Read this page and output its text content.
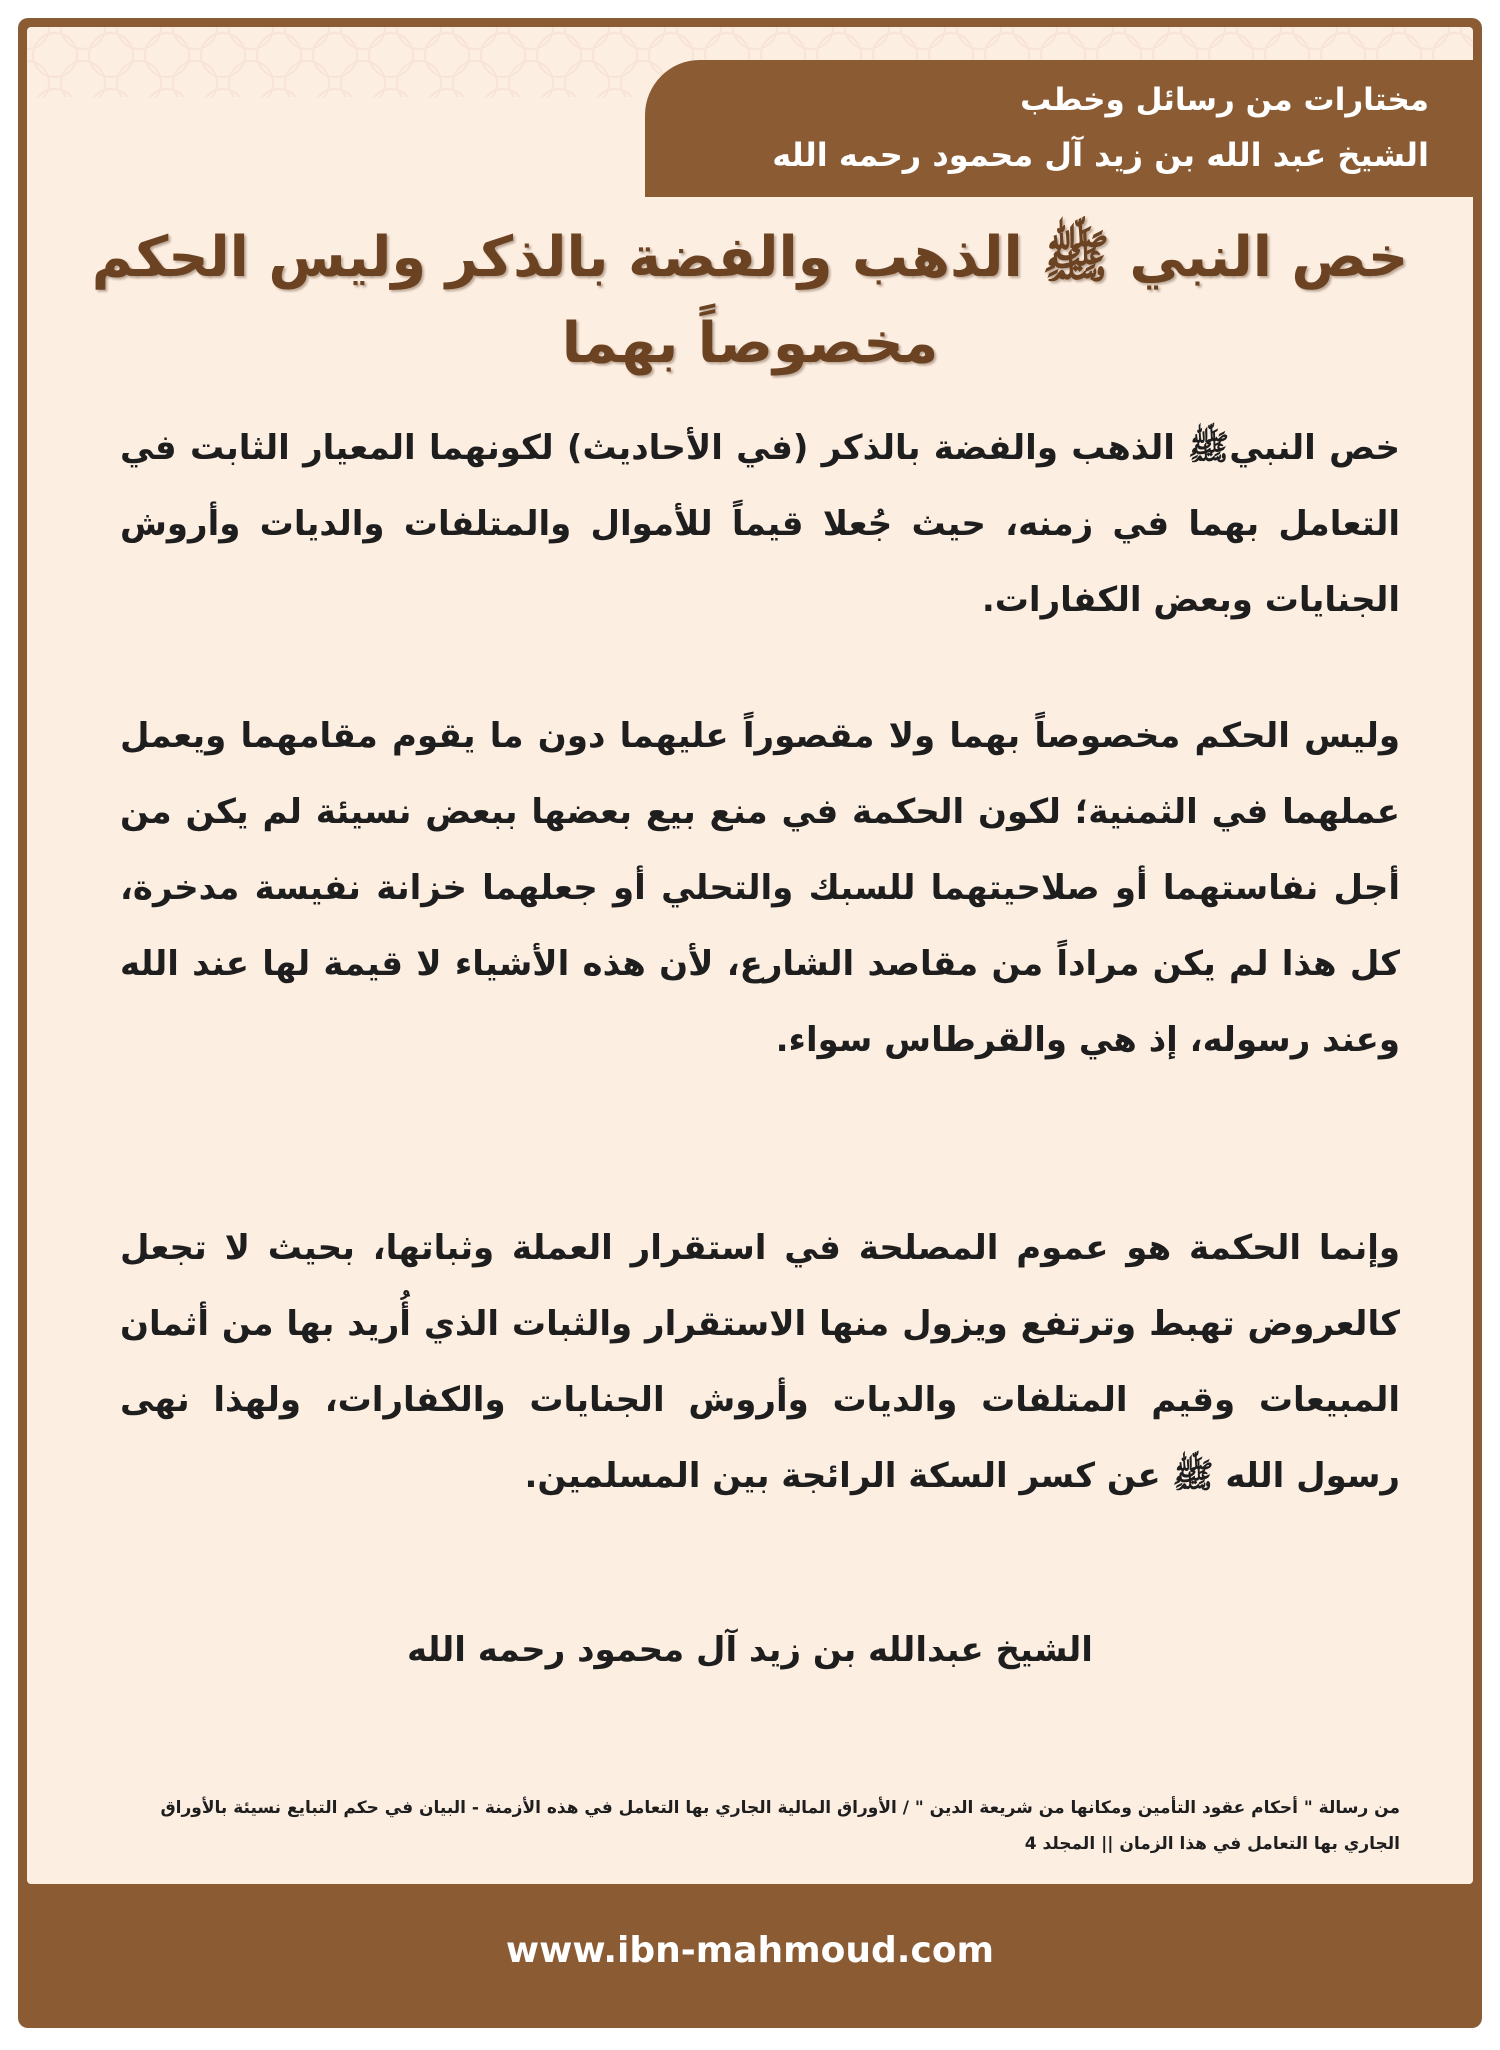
مختارات من رسائل وخطب
الشيخ عبد الله بن زيد آل محمود رحمه الله
خص النبي ﷺ الذهب والفضة بالذكر وليس الحكم مخصوصاً بهما

خص النبيﷺ الذهب والفضة بالذكر (في الأحاديث) لكونهما المعيار الثابت في التعامل بهما في زمنه، حيث جُعلا قيماً للأموال والمتلفات والديات وأروش الجنايات وبعض الكفارات.

وليس الحكم مخصوصاً بهما ولا مقصوراً عليهما دون ما يقوم مقامهما ويعمل عملهما في الثمنية؛ لكون الحكمة في منع بيع بعضها ببعض نسيئة لم يكن من أجل نفاستهما أو صلاحيتهما للسبك والتحلي أو جعلهما خزانة نفيسة مدخرة، كل هذا لم يكن مراداً من مقاصد الشارع، لأن هذه الأشياء لا قيمة لها عند الله وعند رسوله، إذ هي والقرطاس سواء.

وإنما الحكمة هو عموم المصلحة في استقرار العملة وثباتها، بحيث لا تجعل كالعروض تهبط وترتفع ويزول منها الاستقرار والثبات الذي أُريد بها من أثمان المبيعات وقيم المتلفات والديات وأروش الجنايات والكفارات، ولهذا نهى رسول الله ﷺ عن كسر السكة الرائجة بين المسلمين.

الشيخ عبدالله بن زيد آل محمود رحمه الله

من رسالة " أحكام عقود التأمين ومكانها من شريعة الدين " / الأوراق المالية الجاري بها التعامل في هذه الأزمنة - البيان في حكم التبايع نسيئة بالأوراق الجاري بها التعامل في هذا الزمان || المجلد 4

www.ibn-mahmoud.com
